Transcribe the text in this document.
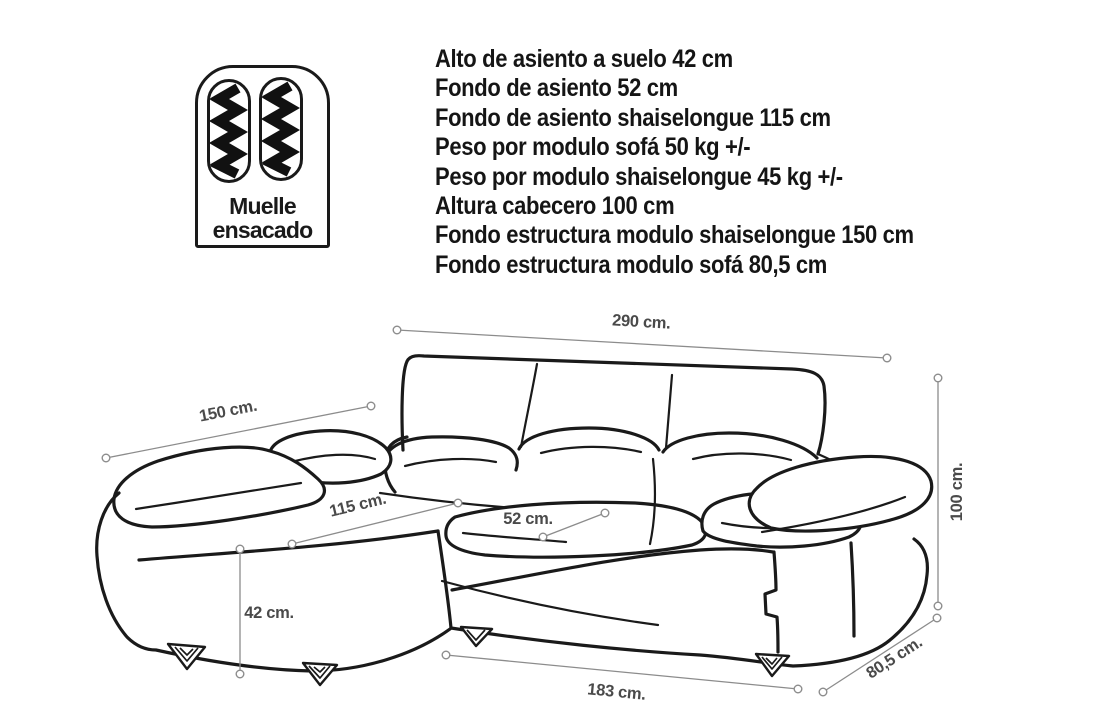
Muelle
ensacado
Alto de asiento a suelo 42 cm
Fondo de asiento 52 cm
Fondo de asiento shaiselongue 115 cm
Peso por modulo sofá 50 kg +/-
Peso por modulo shaiselongue 45 kg +/-
Altura cabecero 100 cm
Fondo estructura modulo shaiselongue 150 cm
Fondo estructura modulo sofá 80,5 cm
290 cm.
150 cm.
115 cm.	52 cm.
42 cm.
100 cm.
80,5 cm.
183 cm.
